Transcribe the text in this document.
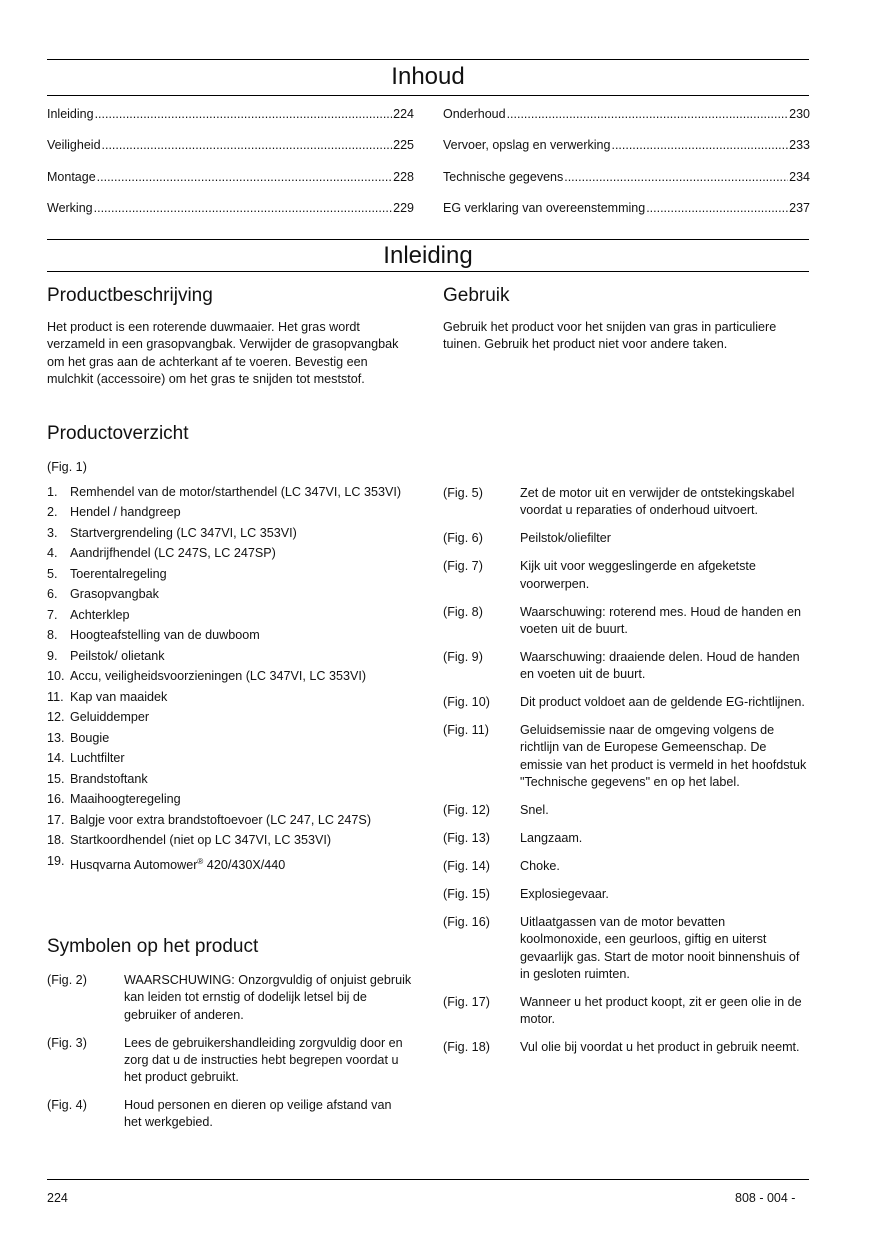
Inhoud
Inleiding .....	224
Veiligheid .....	225
Montage .....	228
Werking .....	229
Onderhoud .....	230
Vervoer, opslag en verwerking .....	233
Technische gegevens .....	234
EG verklaring van overeenstemming .....	237
Inleiding
Productbeschrijving

Het product is een roterende duwmaaier. Het gras wordt verzameld in een grasopvangbak. Verwijder de grasopvangbak om het gras aan de achterkant af te voeren. Bevestig een mulchkit (accessoire) om het gras te snijden tot meststof.

Gebruik

Gebruik het product voor het snijden van gras in particuliere tuinen. Gebruik het product niet voor andere taken.

Productoverzicht

(Fig. 1)

1. Remhendel van de motor/starthendel (LC 347VI, LC 353VI)
2. Hendel / handgreep
3. Startvergrendeling (LC 347VI, LC 353VI)
4. Aandrijfhendel (LC 247S, LC 247SP)
5. Toerentalregeling
6. Grasopvangbak
7. Achterklep
8. Hoogteafstelling van de duwboom
9. Peilstok/ olietank
10. Accu, veiligheidsvoorzieningen (LC 347VI, LC 353VI)
11. Kap van maaidek
12. Geluiddemper
13. Bougie
14. Luchtfilter
15. Brandstoftank
16. Maaihoogteregeling
17. Balgje voor extra brandstoftoevoer (LC 247, LC 247S)
18. Startkoordhendel (niet op LC 347VI, LC 353VI)
19. Husqvarna Automower® 420/430X/440
Symbolen op het product
(Fig. 2)	WAARSCHUWING: Onzorgvuldig of onjuist gebruik kan leiden tot ernstig of dodelijk letsel bij de gebruiker of anderen.
(Fig. 3)	Lees de gebruikershandleiding zorgvuldig door en zorg dat u de instructies hebt begrepen voordat u het product gebruikt.
(Fig. 4)	Houd personen en dieren op veilige afstand van het werkgebied.
(Fig. 5)	Zet de motor uit en verwijder de ontstekingskabel voordat u reparaties of onderhoud uitvoert.
(Fig. 6)	Peilstok/oliefilter
(Fig. 7)	Kijk uit voor weggeslingerde en afgeketste voorwerpen.
(Fig. 8)	Waarschuwing: roterend mes. Houd de handen en voeten uit de buurt.
(Fig. 9)	Waarschuwing: draaiende delen. Houd de handen en voeten uit de buurt.
(Fig. 10)	Dit product voldoet aan de geldende EG-richtlijnen.
(Fig. 11)	Geluidsemissie naar de omgeving volgens de richtlijn van de Europese Gemeenschap. De emissie van het product is vermeld in het hoofdstuk "Technische gegevens" en op het label.
(Fig. 12)	Snel.
(Fig. 13)	Langzaam.
(Fig. 14)	Choke.
(Fig. 15)	Explosiegevaar.
(Fig. 16)	Uitlaatgassen van de motor bevatten koolmonoxide, een geurloos, giftig en uiterst gevaarlijk gas. Start de motor nooit binnenshuis of in gesloten ruimten.
(Fig. 17)	Wanneer u het product koopt, zit er geen olie in de motor.
(Fig. 18)	Vul olie bij voordat u het product in gebruik neemt.
224	808 - 004 -
